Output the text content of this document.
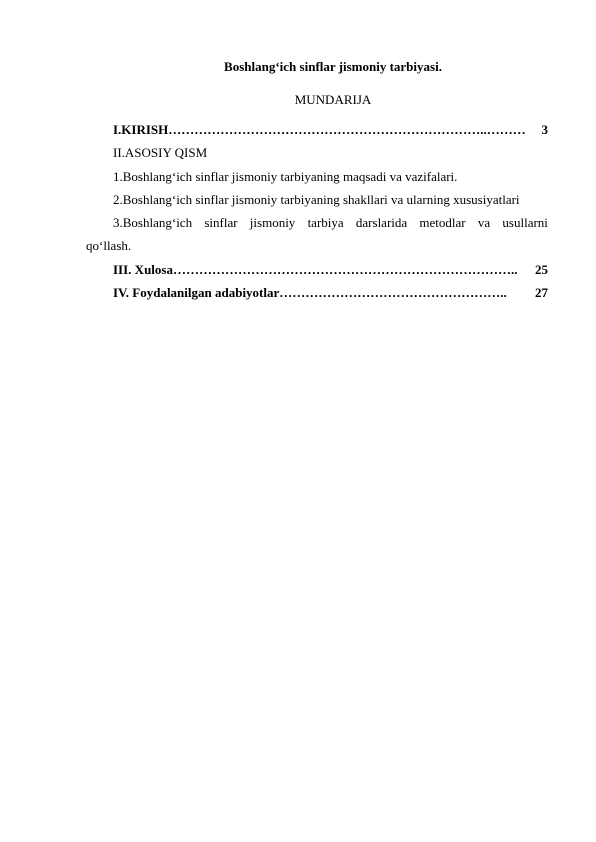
Boshlang‘ich sinflar jismoniy tarbiyasi.
MUNDARIJA
I.KIRISH ………………………………………………………………..………	3
II.ASOSIY QISM
1.Boshlang‘ich sinflar jismoniy tarbiyaning maqsadi va vazifalari.
2.Boshlang‘ich sinflar jismoniy tarbiyaning shakllari va ularning xususiyatlari
3.Boshlang‘ich sinflar jismoniy tarbiya darslarida metodlar va usullarni
qo‘llash.
III. Xulosa ……………………………………………………………………..	25
IV. Foydalanilgan adabiyotlar ……………………………………………..	27
